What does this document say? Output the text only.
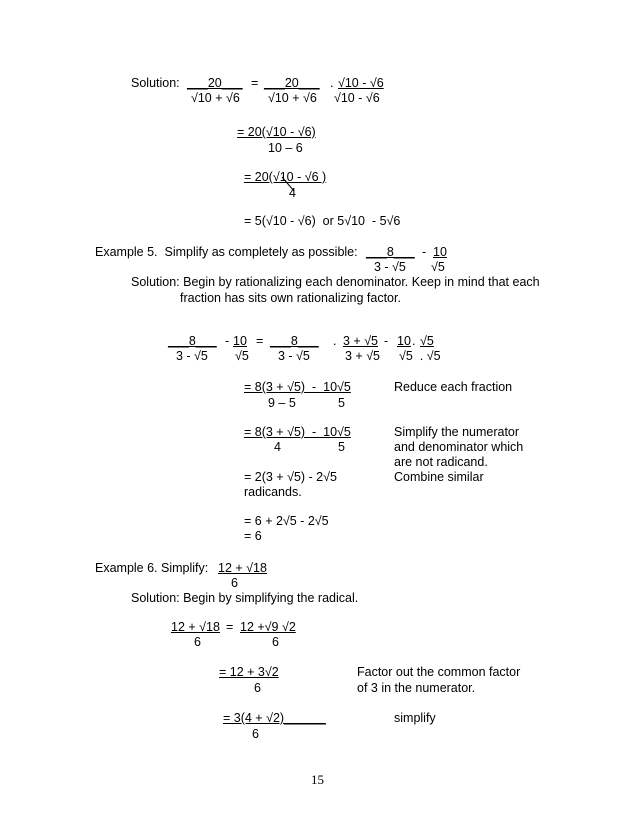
Solution: ___20___ = ___20___ . √10 - √6
√10 + √6 √10 + √6 √10 - √6
= 20(√10 - √6)
10 – 6
= 20(√10 - √6 )
4
= 5(√10 - √6)  or 5√10  - 5√6
Example 5.  Simplify as completely as possible: ___8___ - 10
3 - √5 √5
Solution: Begin by rationalizing each denominator. Keep in mind that each
fraction has sits own rationalizing factor.
___8___ - 10 = ___8___ . 3 + √5 - 10 . √5
3 - √5 √5 3 - √5	3 + √5 √5  . √5
= 8(3 + √5)  -  10√5
9 – 5	5
Reduce each fraction
= 8(3 + √5)  -  10√5
4	5
Simplify the numerator
and denominator which
are not radicand.
= 2(3 + √5) - 2√5	Combine similar
radicands.
= 6 + 2√5 - 2√5
= 6
Example 6. Simplify: 12 + √18
6
Solution: Begin by simplifying the radical.
12 + √18 = 12 +√9 √2
6	6
= 12 + 3√2
6
Factor out the common factor
of 3 in the numerator.
= 3(4 + √2)______
6
simplify
15
